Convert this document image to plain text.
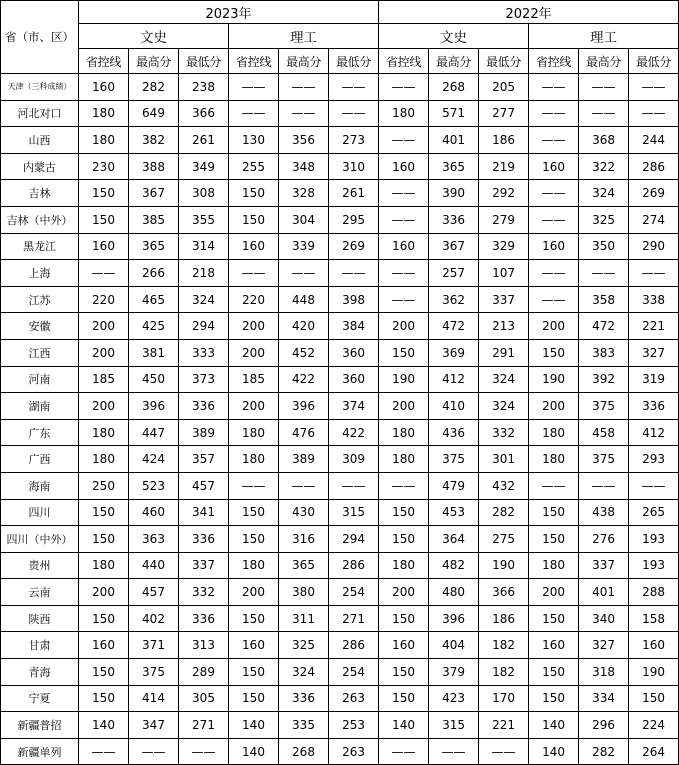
省（市、区）	2023年						2022年					
	文史			理工			文史			理工		
	省控线	最高分	最低分	省控线	最高分	最低分	省控线	最高分	最低分	省控线	最高分	最低分
天津（三科成绩）	160	282	238	——	——	——	——	268	205	——	——	——
河北对口	180	649	366	——	——	——	180	571	277	——	——	——
山西	180	382	261	130	356	273	——	401	186	——	368	244
内蒙古	230	388	349	255	348	310	160	365	219	160	322	286
吉林	150	367	308	150	328	261	——	390	292	——	324	269
吉林（中外）	150	385	355	150	304	295	——	336	279	——	325	274
黑龙江	160	365	314	160	339	269	160	367	329	160	350	290
上海	——	266	218	——	——	——	——	257	107	——	——	——
江苏	220	465	324	220	448	398	——	362	337	——	358	338
安徽	200	425	294	200	420	384	200	472	213	200	472	221
江西	200	381	333	200	452	360	150	369	291	150	383	327
河南	185	450	373	185	422	360	190	412	324	190	392	319
湖南	200	396	336	200	396	374	200	410	324	200	375	336
广东	180	447	389	180	476	422	180	436	332	180	458	412
广西	180	424	357	180	389	309	180	375	301	180	375	293
海南	250	523	457	——	——	——	——	479	432	——	——	——
四川	150	460	341	150	430	315	150	453	282	150	438	265
四川（中外）	150	363	336	150	316	294	150	364	275	150	276	193
贵州	180	440	337	180	365	286	180	482	190	180	337	193
云南	200	457	332	200	380	254	200	480	366	200	401	288
陕西	150	402	336	150	311	271	150	396	186	150	340	158
甘肃	160	371	313	160	325	286	160	404	182	160	327	160
青海	150	375	289	150	324	254	150	379	182	150	318	190
宁夏	150	414	305	150	336	263	150	423	170	150	334	150
新疆普招	140	347	271	140	335	253	140	315	221	140	296	224
新疆单列	——	——	——	140	268	263	——	——	——	140	282	264
